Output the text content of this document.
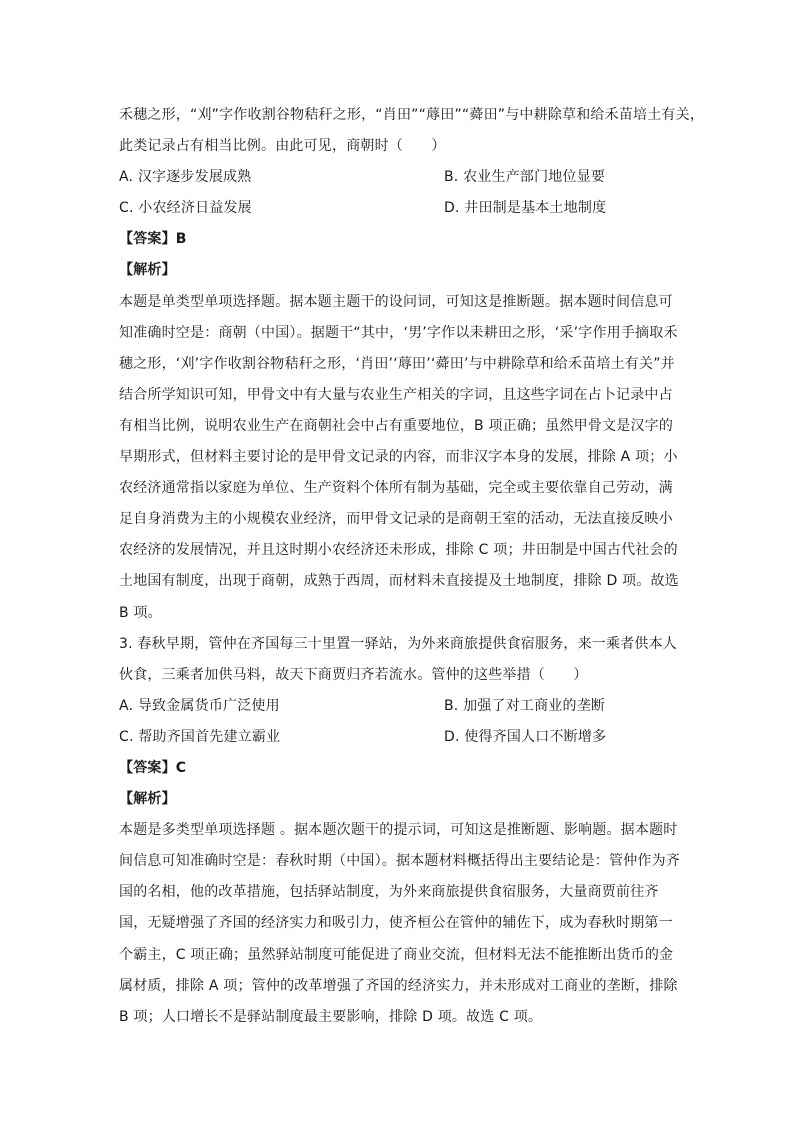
禾穗之形，“刈”字作收割谷物秸秆之形，“肖田”“蓐田”“蕣田”与中耕除草和给禾苗培土有关，
此类记录占有相当比例。由此可见，商朝时（　　）
A. 汉字逐步发展成熟	B. 农业生产部门地位显要
C. 小农经济日益发展	D. 井田制是基本土地制度
【答案】B
【解析】
本题是单类型单项选择题。据本题主题干的设问词，可知这是推断题。据本题时间信息可
知准确时空是：商朝（中国）。据题干“其中，‘男’字作以耒耕田之形，‘采’字作用手摘取禾
穗之形，‘刈’字作收割谷物秸秆之形，‘肖田’‘蓐田’‘蕣田’与中耕除草和给禾苗培土有关”并
结合所学知识可知，甲骨文中有大量与农业生产相关的字词，且这些字词在占卜记录中占
有相当比例，说明农业生产在商朝社会中占有重要地位，B 项正确；虽然甲骨文是汉字的
早期形式，但材料主要讨论的是甲骨文记录的内容，而非汉字本身的发展，排除 A 项；小
农经济通常指以家庭为单位、生产资料个体所有制为基础，完全或主要依靠自己劳动，满
足自身消费为主的小规模农业经济，而甲骨文记录的是商朝王室的活动，无法直接反映小
农经济的发展情况，并且这时期小农经济还未形成，排除 C 项；井田制是中国古代社会的
土地国有制度，出现于商朝，成熟于西周，而材料未直接提及土地制度，排除 D 项。故选
B 项。
3. 春秋早期，管仲在齐国每三十里置一驿站，为外来商旅提供食宿服务，来一乘者供本人
伙食，三乘者加供马料，故天下商贾归齐若流水。管仲的这些举措（　　）
A. 导致金属货币广泛使用	B. 加强了对工商业的垄断
C. 帮助齐国首先建立霸业	D. 使得齐国人口不断增多
【答案】C
【解析】
本题是多类型单项选择题 。据本题次题干的提示词，可知这是推断题、影响题。据本题时
间信息可知准确时空是：春秋时期（中国）。据本题材料概括得出主要结论是：管仲作为齐
国的名相，他的改革措施，包括驿站制度，为外来商旅提供食宿服务，大量商贾前往齐
国，无疑增强了齐国的经济实力和吸引力，使齐桓公在管仲的辅佐下，成为春秋时期第一
个霸主，C 项正确；虽然驿站制度可能促进了商业交流，但材料无法不能推断出货币的金
属材质，排除 A 项；管仲的改革增强了齐国的经济实力，并未形成对工商业的垄断，排除
B 项；人口增长不是驿站制度最主要影响，排除 D 项。故选 C 项。
